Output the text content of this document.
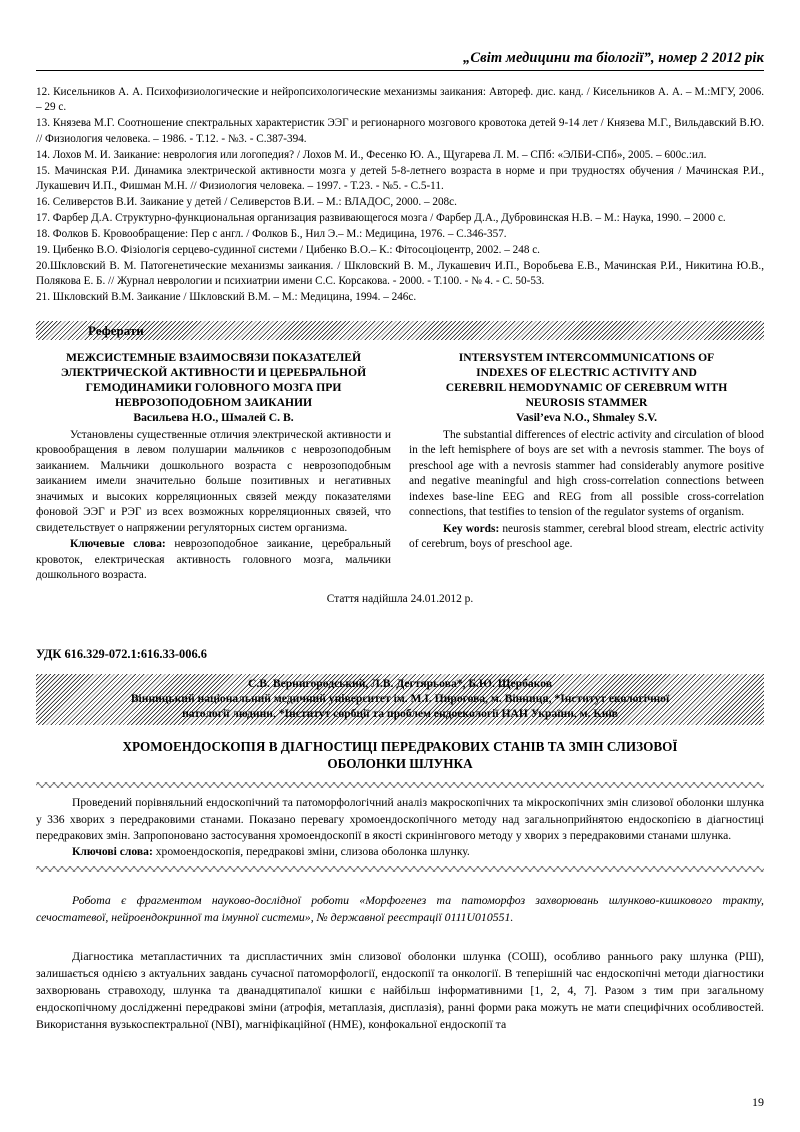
„Світ медицини та біології”, номер 2 2012 рік

12. Кисельников А. А. Психофизиологические и нейропсихологические механизмы заикания: Автореф. дис. канд. / Кисельников А. А. – М.:МГУ, 2006. – 29 с.

13. Князева М.Г. Соотношение спектральных характеристик ЭЭГ и регионарного мозгового кровотока детей 9-14 лет / Князева М.Г., Вильдавский В.Ю. // Физиология человека. – 1986. - Т.12. - №3. - С.387-394.

14. Лохов М. И. Заикание: неврология или логопедия? / Лохов М. И., Фесенко Ю. А., Щугарева Л. М. – СПб: «ЭЛБИ-СПб», 2005. – 600с.:ил.

15. Мачинская Р.И. Динамика электрической активности мозга у детей 5-8-летнего возраста в норме и при трудностях обучения / Мачинская Р.И., Лукашевич И.П., Фишман М.Н. // Физиология человека. – 1997. - Т.23. - №5. - С.5-11.

16. Селиверстов В.И. Заикание у детей / Селиверстов В.И. – М.: ВЛАДОС, 2000. – 208с.

17. Фарбер Д.А. Структурно-функциональная организация развивающегося мозга / Фарбер Д.А., Дубровинская Н.В. – М.: Наука, 1990. – 2000 с.

18. Фолков Б. Кровообращение: Пер с англ. / Фолков Б., Нил Э.– М.: Медицина, 1976. – С.346-357.

19. Цибенко В.О. Фізіологія серцево-судинної системи / Цибенко В.О.– К.: Фітосоціоцентр, 2002. – 248 с.

20.Шкловский В. М. Патогенетические механизмы заикания. / Шкловский В. М., Лукашевич И.П., Воробьева Е.В., Мачинская Р.И., Никитина Ю.В., Полякова Е. Б. // Журнал неврологии и психиатрии имени С.С. Корсакова. - 2000. - Т.100. - № 4. - С. 50-53.

21. Шкловский В.М. Заикание / Шкловский В.М. – М.: Медицина, 1994. – 246с.

Реферати
МЕЖСИСТЕМНЫЕ ВЗАИМОСВЯЗИ ПОКАЗАТЕЛЕЙ
ЭЛЕКТРИЧЕСКОЙ АКТИВНОСТИ И ЦЕРЕБРАЛЬНОЙ
ГЕМОДИНАМИКИ ГОЛОВНОГО МОЗГА ПРИ
НЕВРОЗОПОДОБНОМ ЗАИКАНИИ
Васильева Н.О., Шмалей С. В.

Установлены существенные отличия электрической активности и кровообращения в левом полушарии мальчиков с неврозоподобным заиканием. Мальчики дошкольного возраста с неврозоподобным заиканием имели значительно больше позитивных и негативных значимых и высоких корреляционных связей между показателями фоновой ЭЭГ и РЭГ из всех возможных корреляционных связей, что свидетельствует о напряжении регуляторных систем организма.

Ключевые слова: неврозоподобное заикание, церебральный кровоток, електрическая активность головного мозга, мальчики дошкольного возраста.

INTERSYSTEM INTERCOMMUNICATIONS OF
INDEXES OF ELECTRIC ACTIVITY AND
CEREBRIL HEMODYNAMIC OF CEREBRUM WITH
NEUROSIS STAMMER
Vasil’eva N.O., Shmaley S.V.

The substantial differences of electric activity and circulation of blood in the left hemisphere of boys are set with a nevrosis stammer. The boys of preschool age with a nevrosis stammer had considerably anymore positive and negative meaningful and high cross-correlation connections between indexes base-line EEG and REG from all possible cross-correlation connections, that testifies to tension of the regulator systems of organism.

Key words: neurosis stammer, cerebral blood stream, electric activity of cerebrum, boys of preschool age.

Стаття надійшла 24.01.2012 р.
УДК 616.329-072.1:616.33-006.6
С.В. Вернигородський, Л.В. Дегтярьова*, Б.Ю. Щербаков
Вінницький національний медичний університет ім. М.І. Пирогова, м. Вінниця, *Інститут екологічної
патології людини, *Інститут сорбції та проблем ендоекології НАН України, м. Київ
ХРОМОЕНДОСКОПІЯ В ДІАГНОСТИЦІ ПЕРЕДРАКОВИХ СТАНІВ ТА ЗМІН СЛИЗОВОЇ
ОБОЛОНКИ ШЛУНКА

Проведений порівняльний ендоскопічний та патоморфологічний аналіз макроскопічних та мікроскопічних змін слизової оболонки шлунка у 336 хворих з передраковими станами. Показано перевагу хромоендоскопічного методу над загальноприйнятою ендоскопією в діагностиці передракових змін. Запропоновано застосування хромоендоскопії в якості скринінгового методу у хворих з передраковими станами шлунка.

Ключові слова: хромоендоскопія, передракові зміни, слизова оболонка шлунку.

Робота є фрагментом науково-дослідної роботи «Морфогенез та патоморфоз захворювань шлунково-кишкового тракту, сечостатевої, нейроендокринної та імунної системи», № державної реєстрації 0111U010551.

Діагностика метапластичних та диспластичних змін слизової оболонки шлунка (СОШ), особливо раннього раку шлунка (РШ), залишається однією з актуальних завдань сучасної патоморфології, ендоскопії та онкології. В теперішній час ендоскопічні методи діагностики захворювань стравоходу, шлунка та дванадцятипалої кишки є найбільш інформативними [1, 2, 4, 7]. Разом з тим при загальному ендоскопічному дослідженні передракові зміни (атрофія, метаплазія, дисплазія), ранні форми рака можуть не мати специфічних особливостей. Використання вузькоспектральної (NBI), магніфікаційної (HME), конфокальної ендоскопії та

19
